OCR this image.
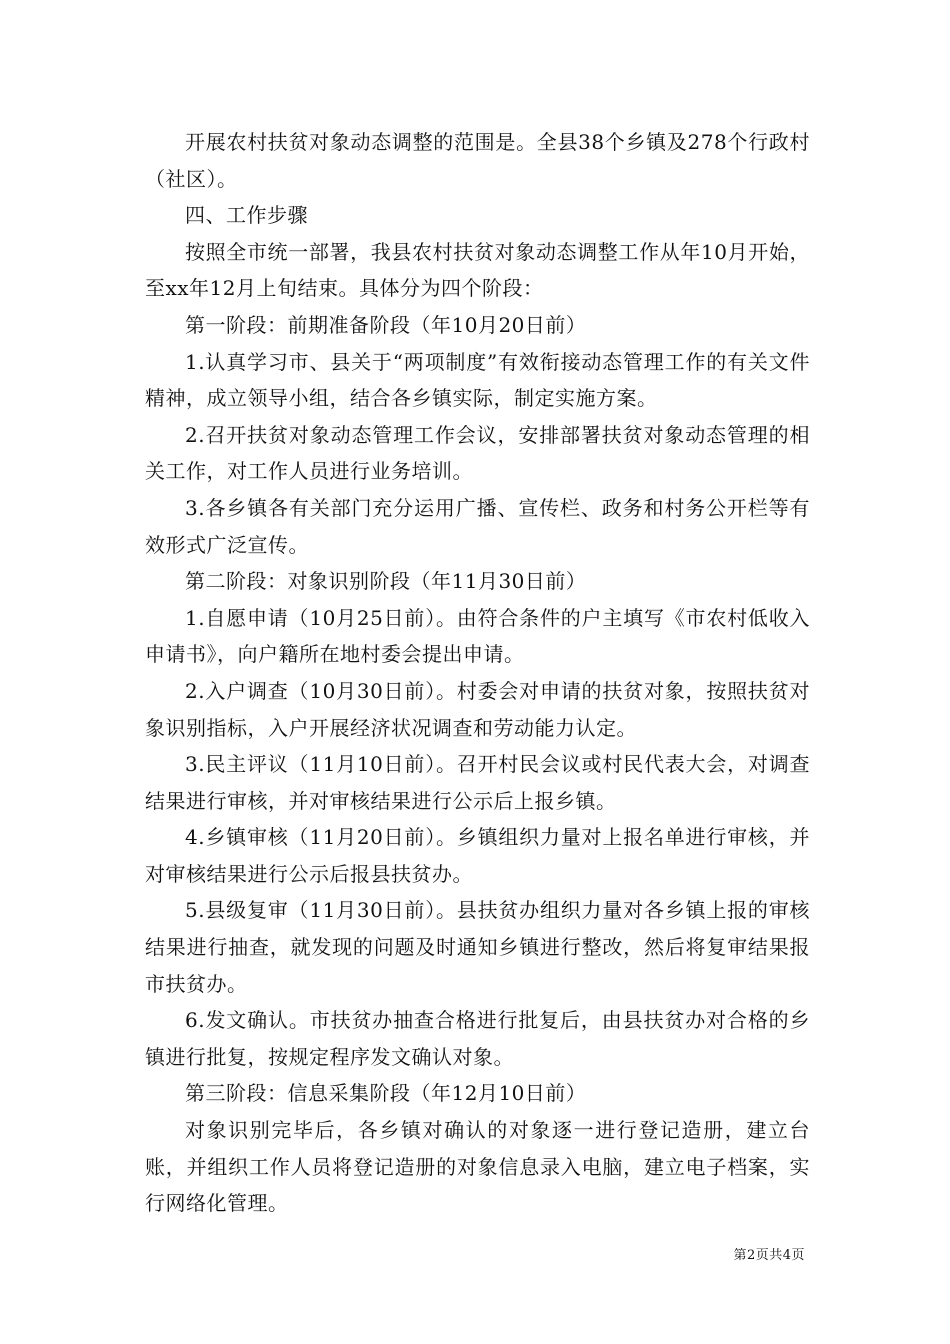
开展农村扶贫对象动态调整的范围是。全县38个乡镇及278个行政村（社区）。

四、工作步骤

按照全市统一部署，我县农村扶贫对象动态调整工作从年10月开始，至xx年12月上旬结束。具体分为四个阶段：

第一阶段：前期准备阶段（年10月20日前）

1.认真学习市、县关于“两项制度”有效衔接动态管理工作的有关文件精神，成立领导小组，结合各乡镇实际，制定实施方案。

2.召开扶贫对象动态管理工作会议，安排部署扶贫对象动态管理的相关工作，对工作人员进行业务培训。

3.各乡镇各有关部门充分运用广播、宣传栏、政务和村务公开栏等有效形式广泛宣传。

第二阶段：对象识别阶段（年11月30日前）

1.自愿申请（10月25日前）。由符合条件的户主填写《市农村低收入申请书》，向户籍所在地村委会提出申请。

2.入户调查（10月30日前）。村委会对申请的扶贫对象，按照扶贫对象识别指标，入户开展经济状况调查和劳动能力认定。

3.民主评议（11月10日前）。召开村民会议或村民代表大会，对调查结果进行审核，并对审核结果进行公示后上报乡镇。

4.乡镇审核（11月20日前）。乡镇组织力量对上报名单进行审核，并对审核结果进行公示后报县扶贫办。

5.县级复审（11月30日前）。县扶贫办组织力量对各乡镇上报的审核结果进行抽查，就发现的问题及时通知乡镇进行整改，然后将复审结果报市扶贫办。

6.发文确认。市扶贫办抽查合格进行批复后，由县扶贫办对合格的乡镇进行批复，按规定程序发文确认对象。

第三阶段：信息采集阶段（年12月10日前）

对象识别完毕后，各乡镇对确认的对象逐一进行登记造册，建立台账，并组织工作人员将登记造册的对象信息录入电脑，建立电子档案，实行网络化管理。

第2页共4页
